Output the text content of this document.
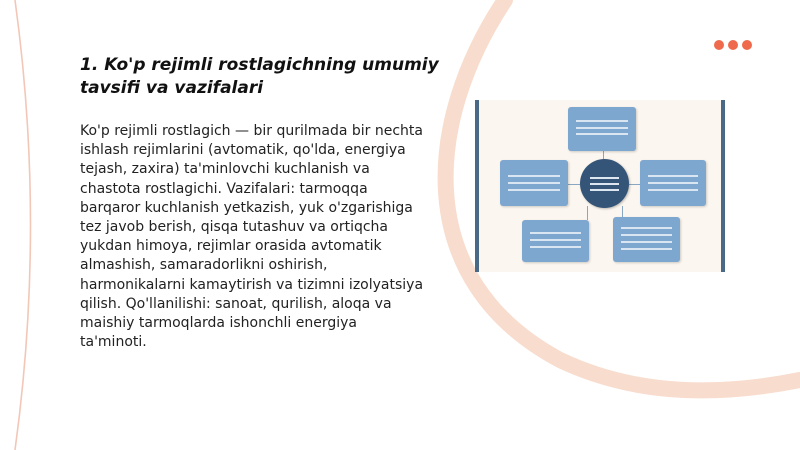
1. Ko'p rejimli rostlagichning umumiy tavsifi va vazifalari

Ko'p rejimli rostlagich — bir qurilmada bir nechta ishlash rejimlarini (avtomatik, qo'lda, energiya tejash, zaxira) ta'minlovchi kuchlanish va chastota rostlagichi. Vazifalari: tarmoqqa barqaror kuchlanish yetkazish, yuk o'zgarishiga tez javob berish, qisqa tutashuv va ortiqcha yukdan himoya, rejimlar orasida avtomatik almashish, samaradorlikni oshirish, harmonikalarni kamaytirish va tizimni izolyatsiya qilish. Qo'llanilishi: sanoat, qurilish, aloqa va maishiy tarmoqlarda ishonchli energiya ta'minoti.
